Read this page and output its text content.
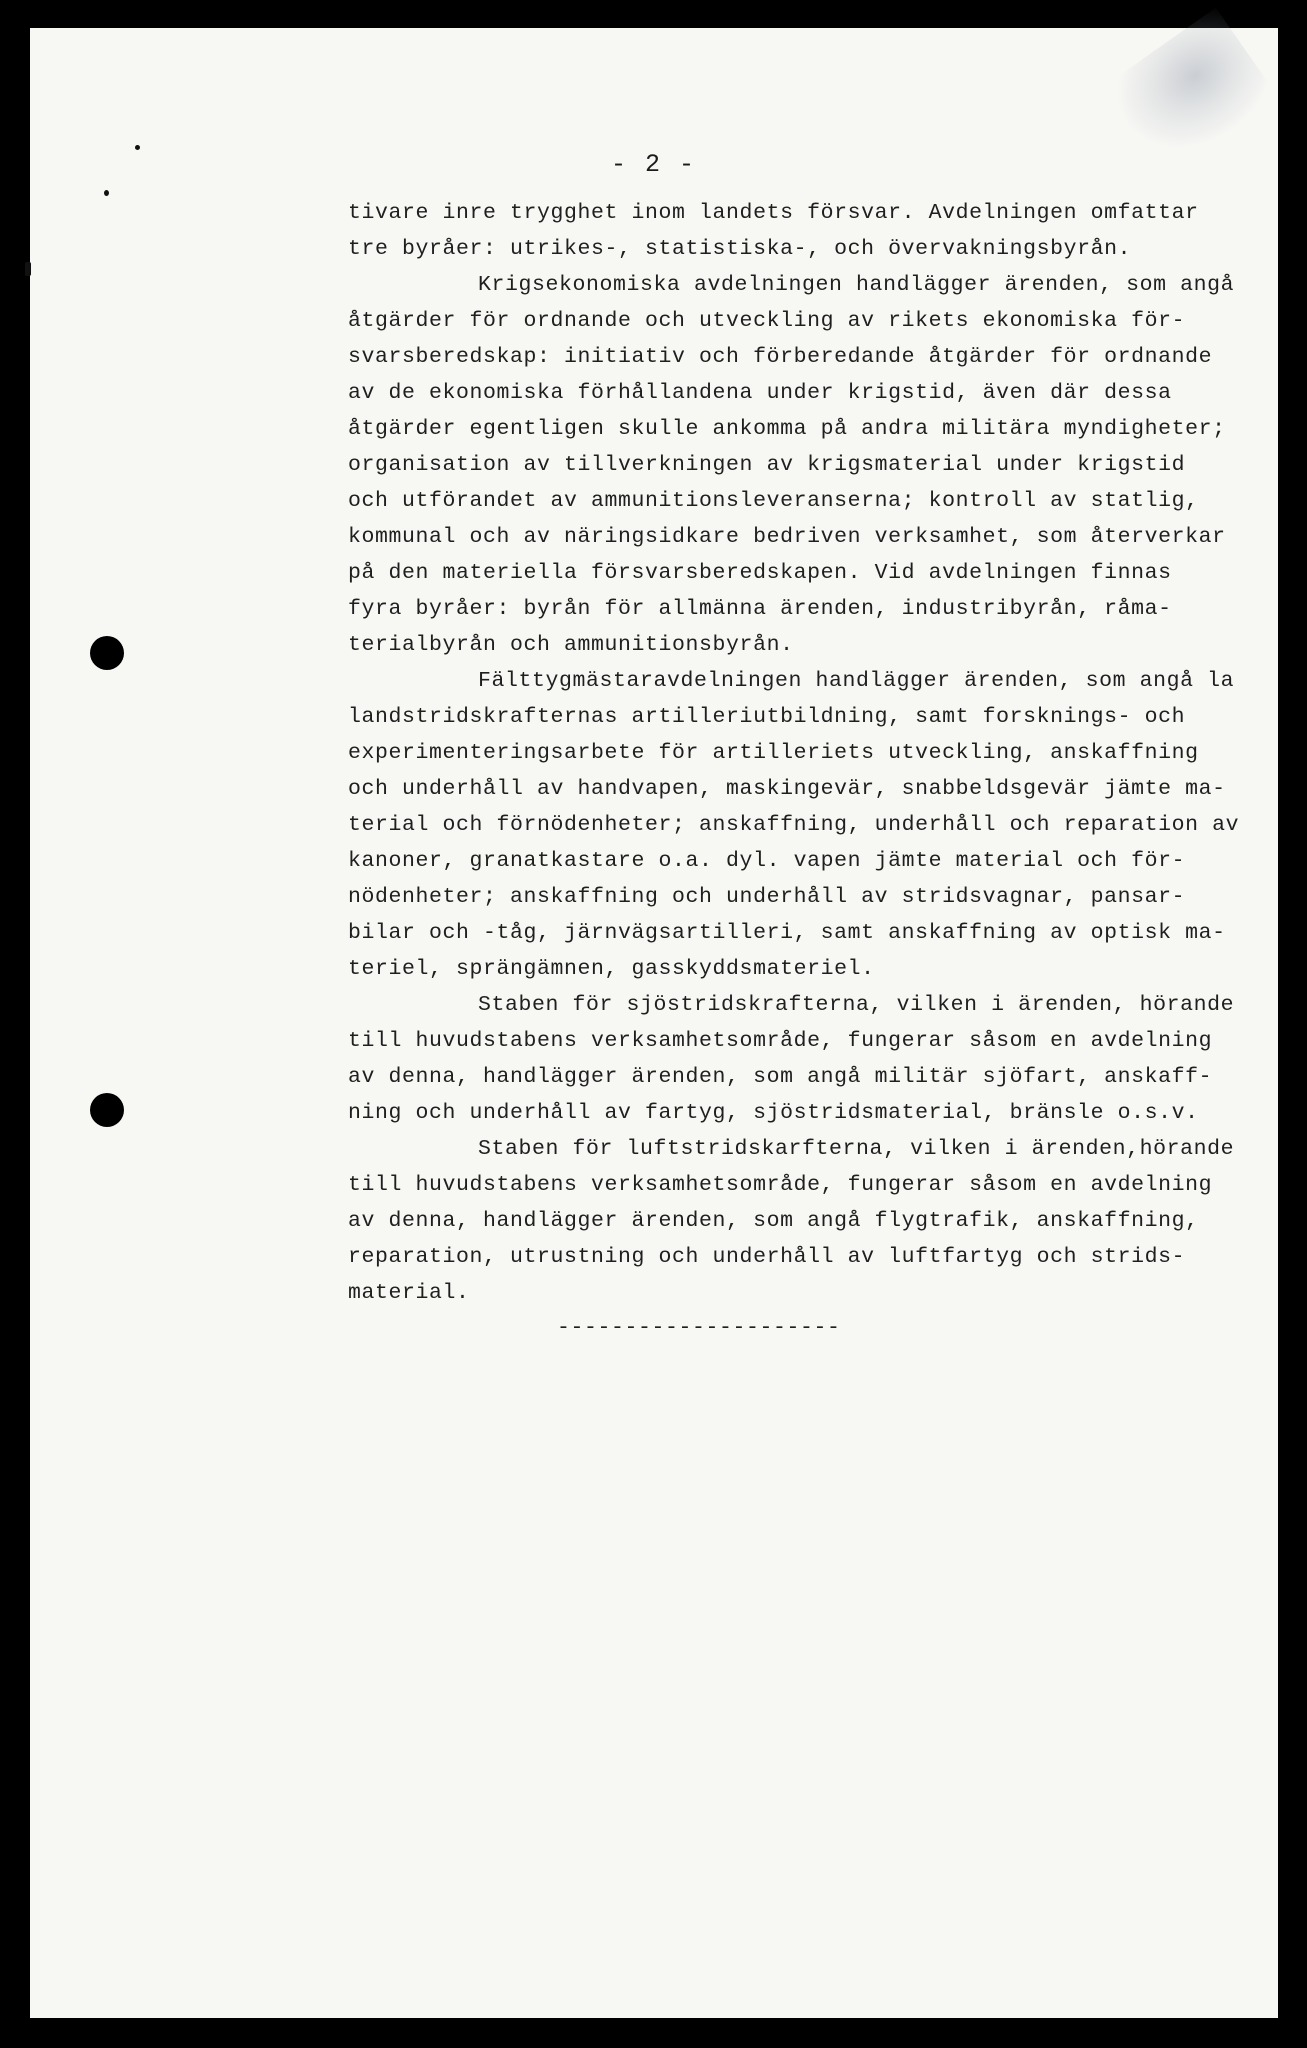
- 2 -
tivare inre trygghet inom landets försvar. Avdelningen omfattar
tre byråer: utrikes-, statistiska-, och övervakningsbyrån.
Krigsekonomiska avdelningen handlägger ärenden, som angå
åtgärder för ordnande och utveckling av rikets ekonomiska för-
svarsberedskap: initiativ och förberedande åtgärder för ordnande
av de ekonomiska förhållandena under krigstid, även där dessa
åtgärder egentligen skulle ankomma på andra militära myndigheter;
organisation av tillverkningen av krigsmaterial under krigstid
och utförandet av ammunitionsleveranserna; kontroll av statlig,
kommunal och av näringsidkare bedriven verksamhet, som återverkar
på den materiella försvarsberedskapen. Vid avdelningen finnas
fyra byråer: byrån för allmänna ärenden, industribyrån, råma-
terialbyrån och ammunitionsbyrån.
Fälttygmästaravdelningen handlägger ärenden, som angå la
landstridskrafternas artilleriutbildning, samt forsknings- och
experimenteringsarbete för artilleriets utveckling, anskaffning
och underhåll av handvapen, maskingevär, snabbeldsgevär jämte ma-
terial och förnödenheter; anskaffning, underhåll och reparation av
kanoner, granatkastare o.a. dyl. vapen jämte material och för-
nödenheter; anskaffning och underhåll av stridsvagnar, pansar-
bilar och -tåg, järnvägsartilleri, samt anskaffning av optisk ma-
teriel, sprängämnen, gasskyddsmateriel.
Staben för sjöstridskrafterna, vilken i ärenden, hörande
till huvudstabens verksamhetsområde, fungerar såsom en avdelning
av denna, handlägger ärenden, som angå militär sjöfart, anskaff-
ning och underhåll av fartyg, sjöstridsmaterial, bränsle o.s.v.
Staben för luftstridskarfterna, vilken i ärenden,hörande
till huvudstabens verksamhetsområde, fungerar såsom en avdelning
av denna, handlägger ärenden, som angå flygtrafik, anskaffning,
reparation, utrustning och underhåll av luftfartyg och strids-
material.
---------------------
